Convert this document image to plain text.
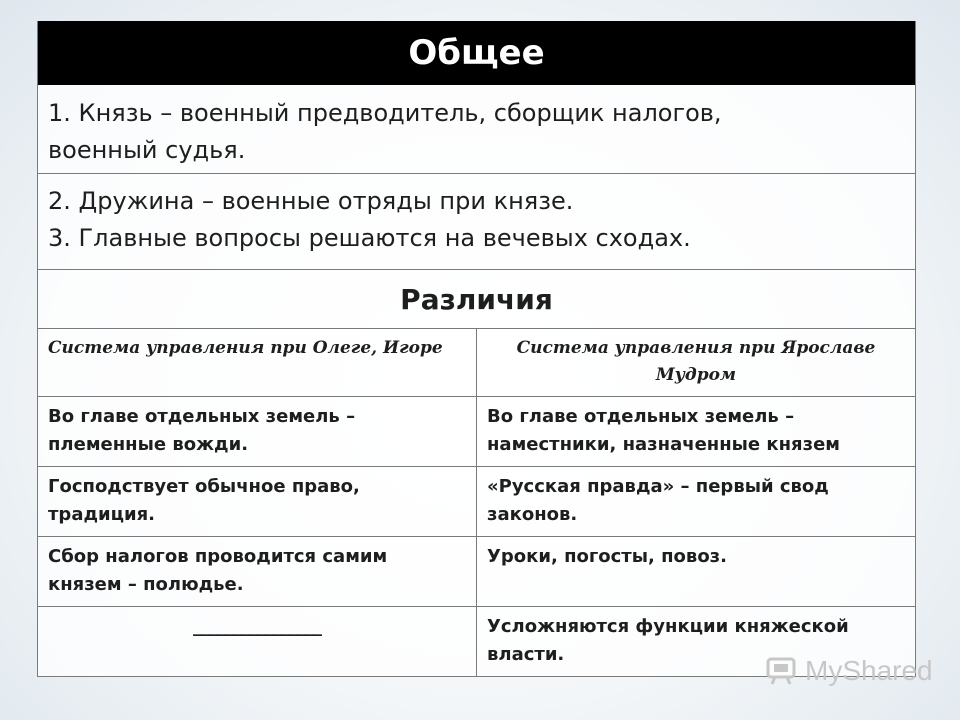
Общее
1. Князь – военный предводитель, сборщик налогов,
военный судья.
2. Дружина – военные отряды при князе.
3. Главные вопросы решаются на вечевых сходах.
Различия
Система управления при Олеге, Игоре	Система управления при Ярославе Мудром
Во главе отдельных земель – племенные вожди.
Во главе отдельных земель – наместники, назначенные князем
Господствует обычное право, традиция.
«Русская правда» – первый свод законов.
Сбор налогов проводится самим князем – полюдье.
Уроки, погосты, повоз.
________________	Усложняются функции княжеской власти.
MyShared
